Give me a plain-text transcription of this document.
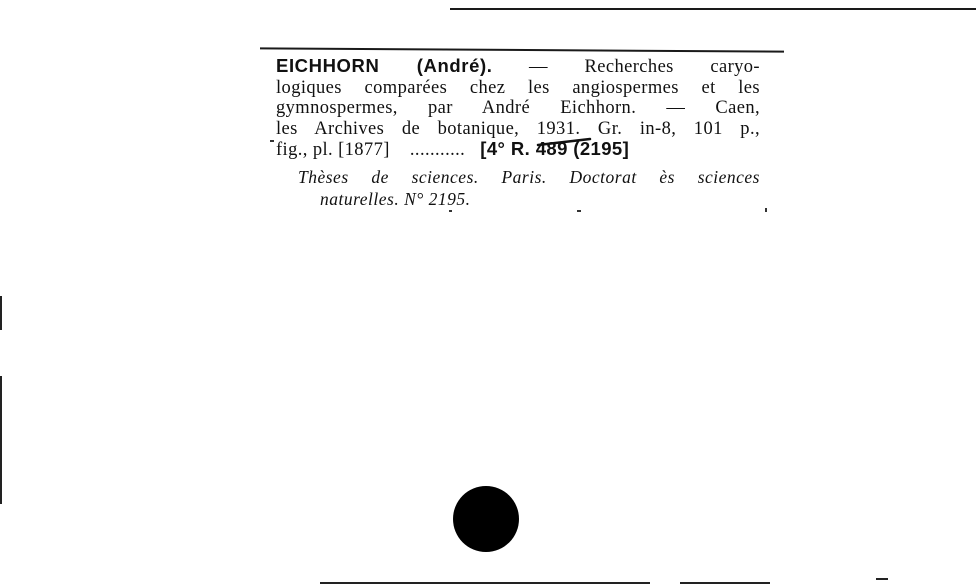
EICHHORN (André). — Recherches caryo-
logiques comparées chez les angiospermes et les
gymnospermes, par André Eichhorn. — Caen,
les Archives de botanique, 1931. Gr. in-8, 101 p.,
fig., pl. [1877] ........... [4° R. 489 (2195]
Thèses de sciences. Paris. Doctorat ès sciences
naturelles. N° 2195.
